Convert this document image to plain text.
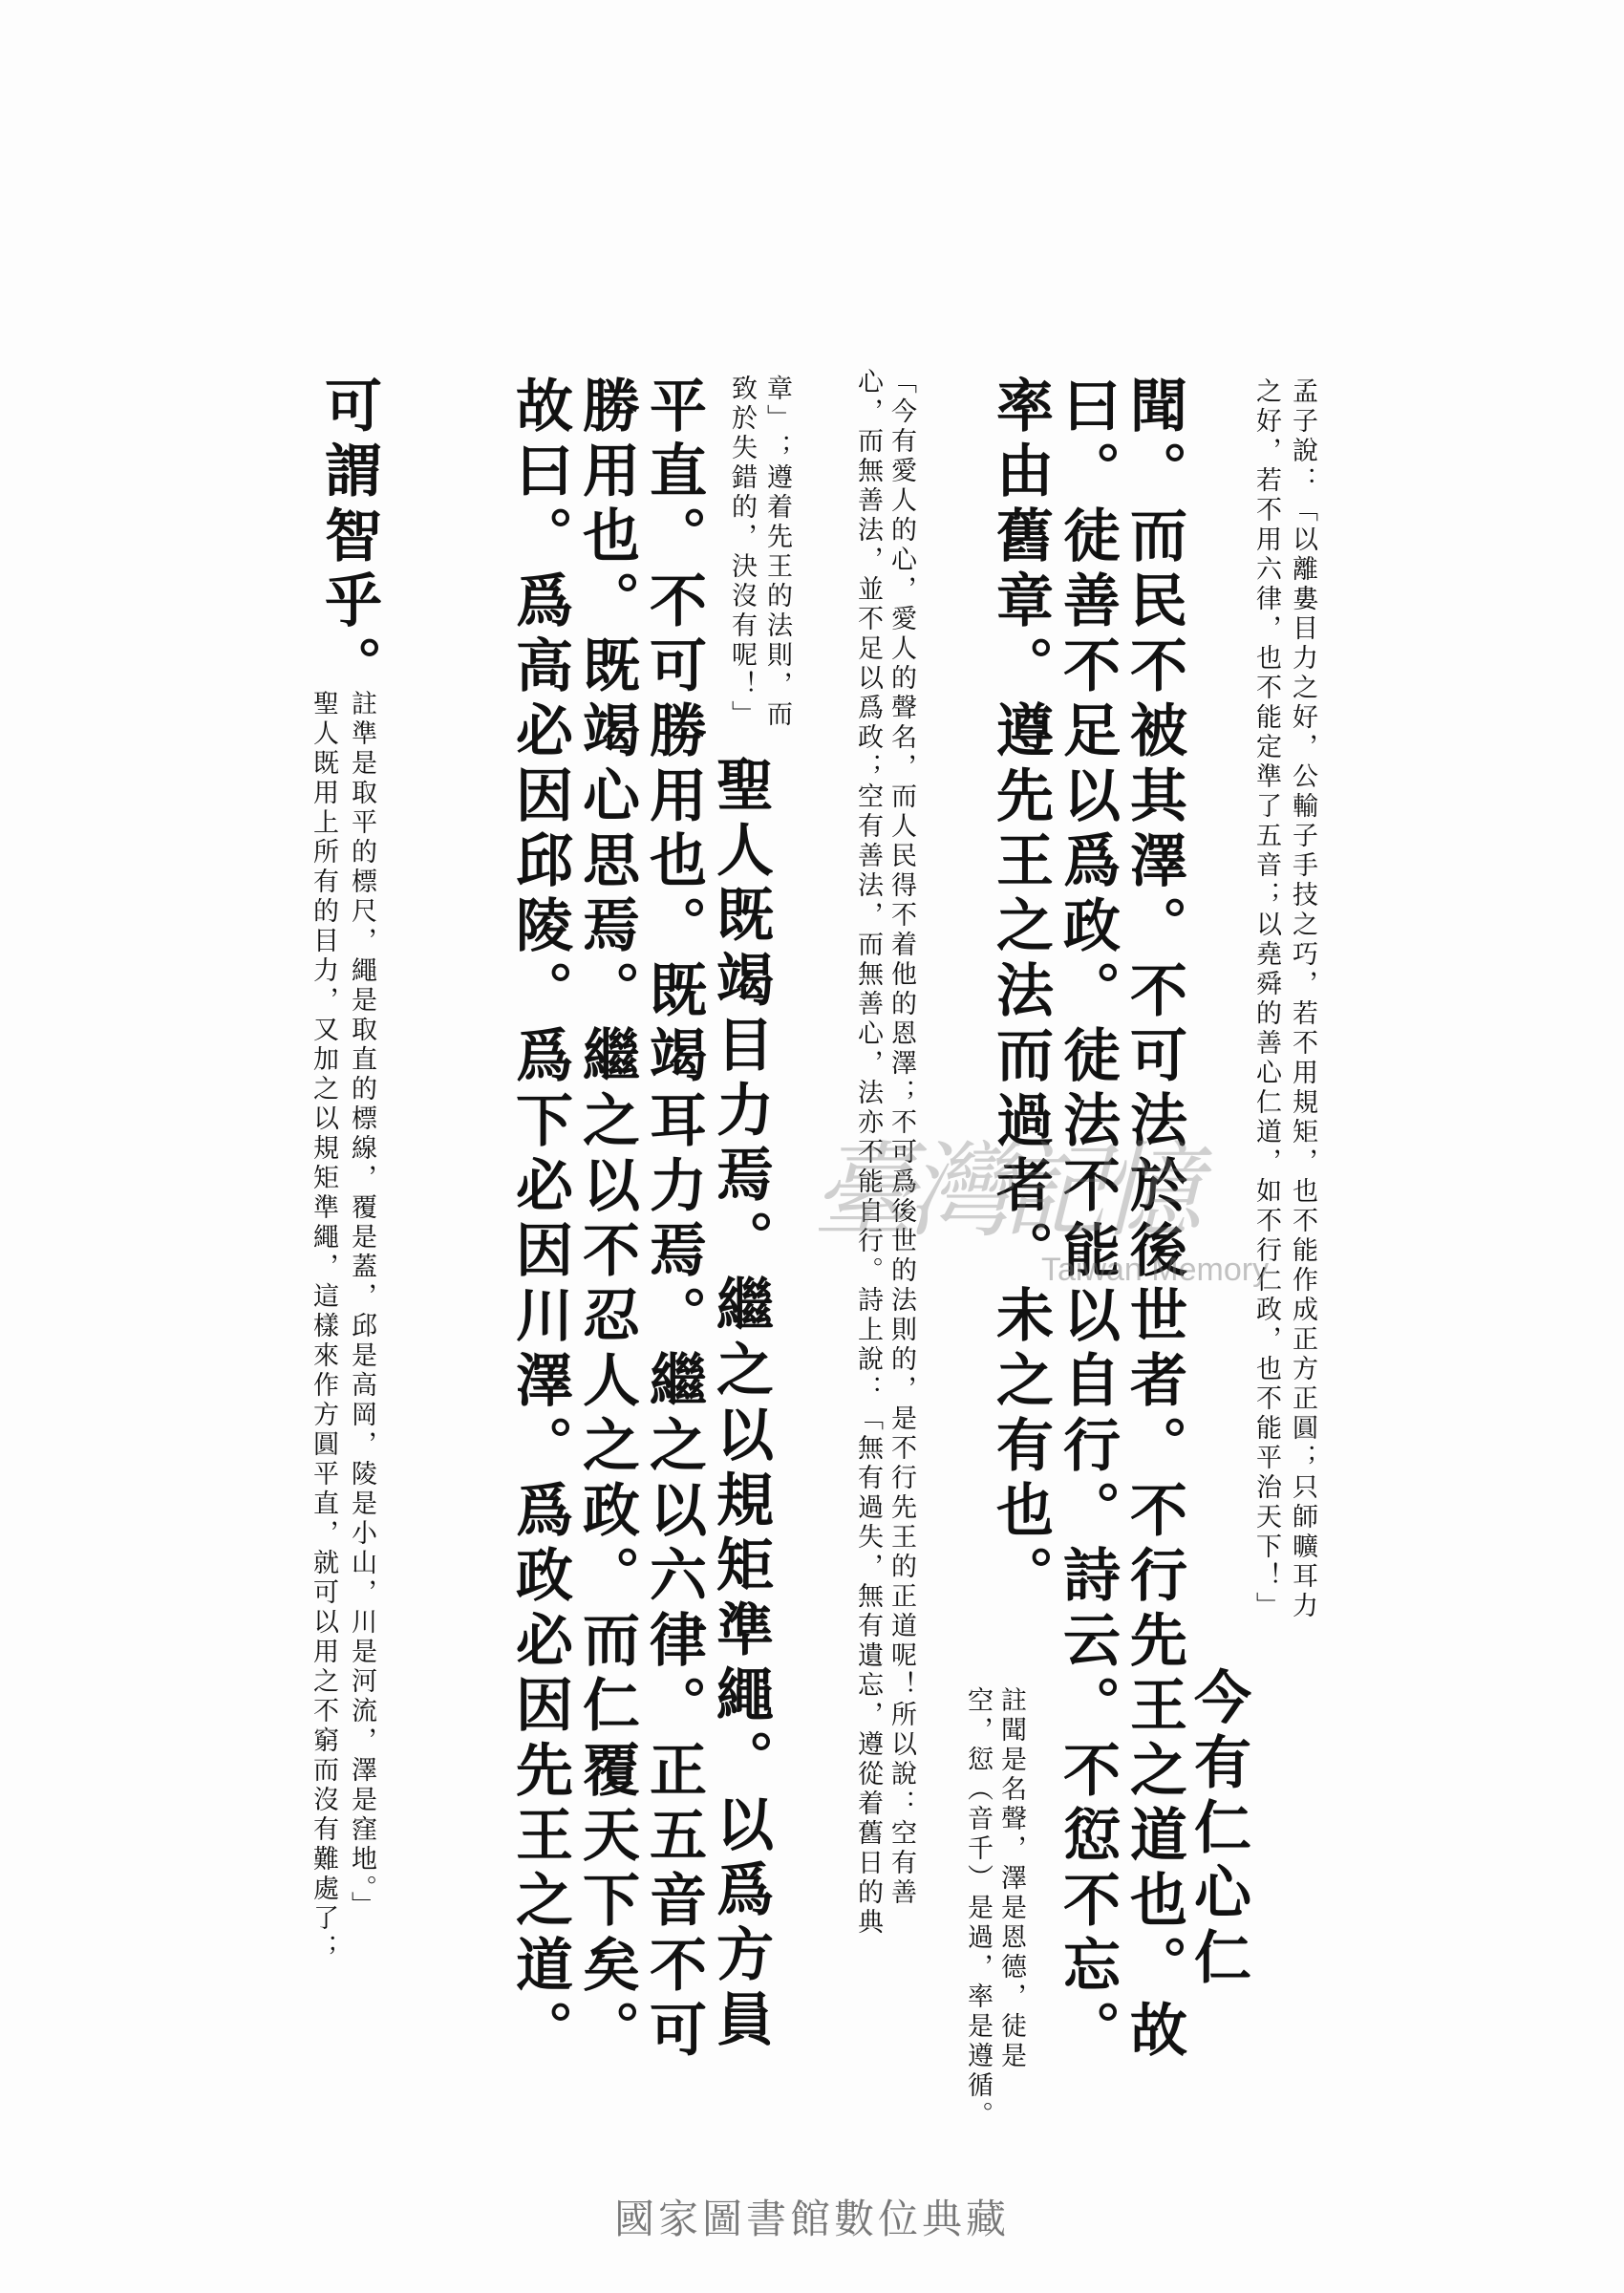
孟子說：「以離婁目力之好，公輸子手技之巧，若不用規矩，也不能作成正方正圓；只師曠耳力
之好，若不用六律，也不能定準了五音；以堯舜的善心仁道，如不行仁政，也不能平治天下！」
今有仁心仁
聞。而民不被其澤。不可法於後世者。不行先王之道也。故
曰。徒善不足以爲政。徒法不能以自行。詩云。不愆不忘。
率由舊章。遵先王之法而過者。未之有也。
註聞是名聲，澤是恩德，徒是
空，愆（音千）是過，率是遵循。
「今有愛人的心，愛人的聲名，而人民得不着他的恩澤；不可爲後世的法則的，是不行先王的正道呢！所以說：空有善
心，而無善法，並不足以爲政；空有善法，而無善心，法亦不能自行。詩上說：「無有過失，無有遺忘，遵從着舊日的典
章」；遵着先王的法則，而
致於失錯的，決沒有呢！」
聖人既竭目力焉。繼之以規矩準繩。以爲方員
平直。不可勝用也。既竭耳力焉。繼之以六律。正五音不可
勝用也。既竭心思焉。繼之以不忍人之政。而仁覆天下矣。
故曰。爲高必因邱陵。爲下必因川澤。爲政必因先王之道。
可謂智乎。
註準是取平的標尺，繩是取直的標線，覆是蓋，邱是高岡，陵是小山，川是河流，澤是窪地。」
聖人既用上所有的目力，又加之以規矩準繩，這樣來作方圓平直，就可以用之不窮而沒有難處了；	臺灣記憶
Taiwan Memory
國家圖書館數位典藏
